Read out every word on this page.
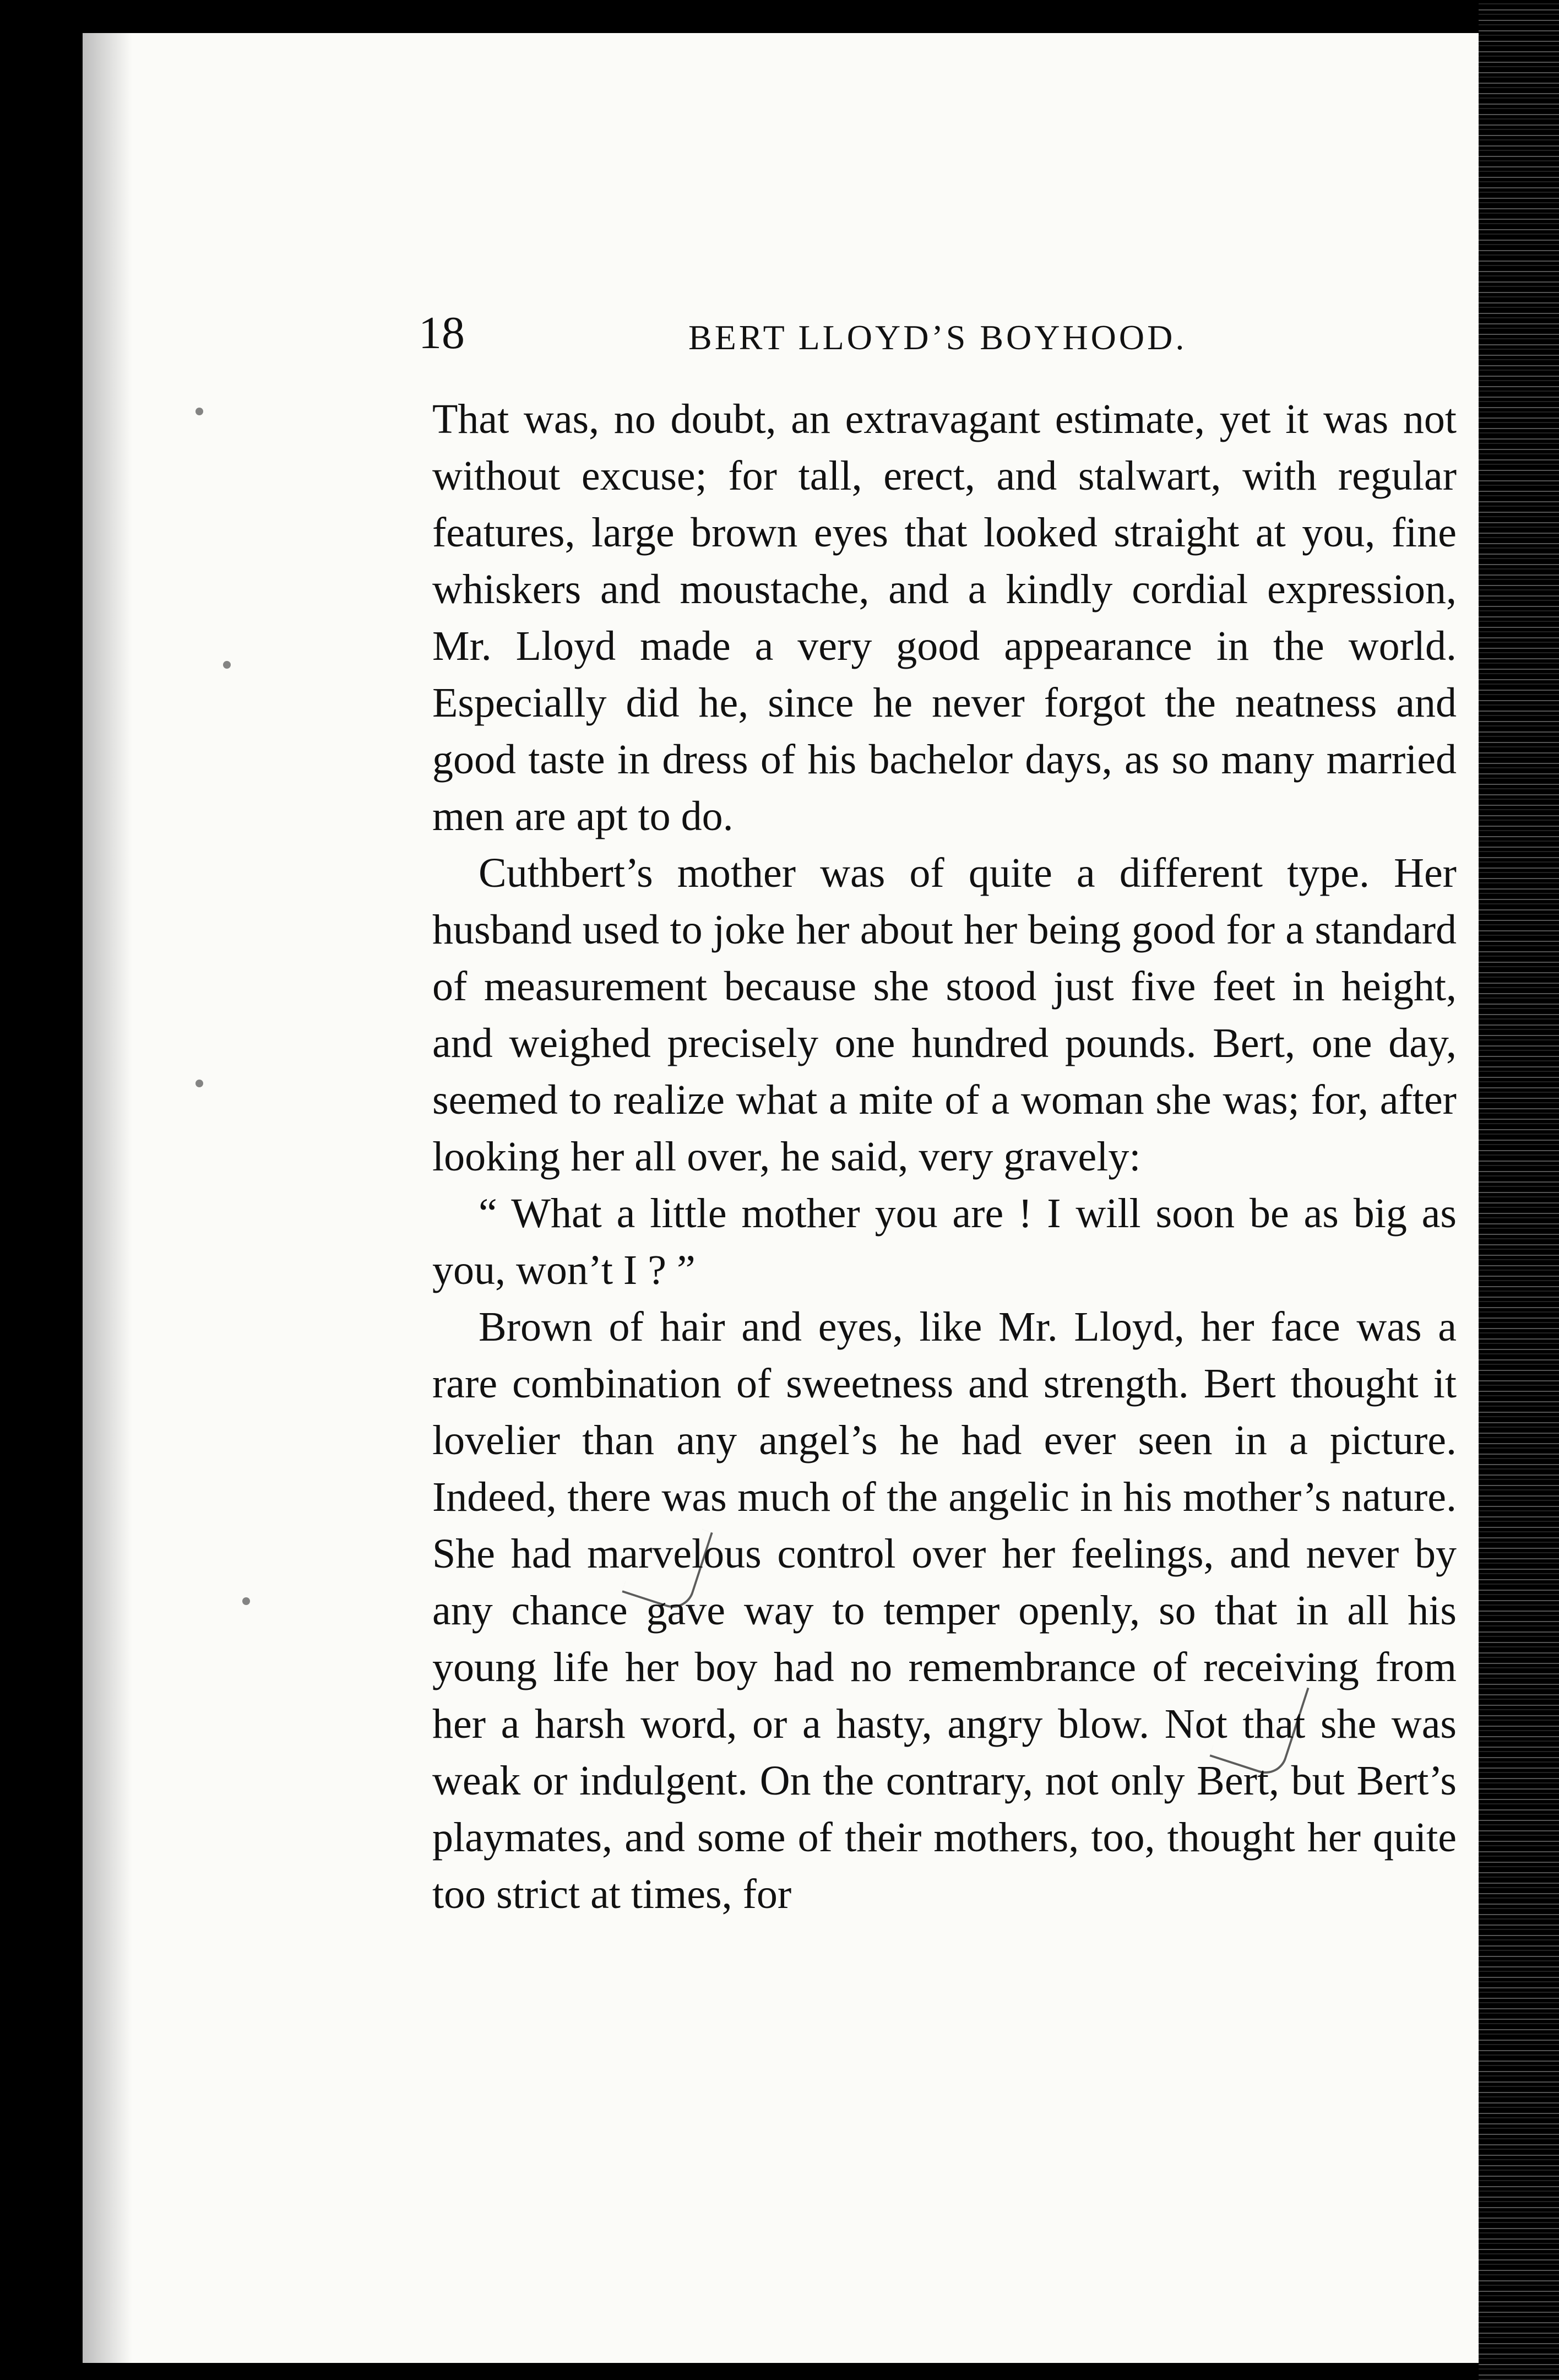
18	BERT LLOYD’S BOYHOOD.

That was, no doubt, an extravagant estimate, yet it was not without excuse; for tall, erect, and stalwart, with regular features, large brown eyes that looked straight at you, fine whiskers and moustache, and a kindly cordial expression, Mr. Lloyd made a very good appearance in the world. Especially did he, since he never forgot the neatness and good taste in dress of his bachelor days, as so many married men are apt to do.

Cuthbert’s mother was of quite a different type. Her husband used to joke her about her being good for a standard of measurement because she stood just five feet in height, and weighed precisely one hundred pounds. Bert, one day, seemed to realize what a mite of a woman she was; for, after looking her all over, he said, very gravely:

“ What a little mother you are ! I will soon be as big as you, won’t I ? ”

Brown of hair and eyes, like Mr. Lloyd, her face was a rare combination of sweetness and strength. Bert thought it lovelier than any angel’s he had ever seen in a picture. Indeed, there was much of the angelic in his mother’s nature. She had marvelous control over her feelings, and never by any chance gave way to temper openly, so that in all his young life her boy had no remembrance of receiving from her a harsh word, or a hasty, angry blow. Not that she was weak or indulgent. On the contrary, not only Bert, but Bert’s playmates, and some of their mothers, too, thought her quite too strict at times, for
